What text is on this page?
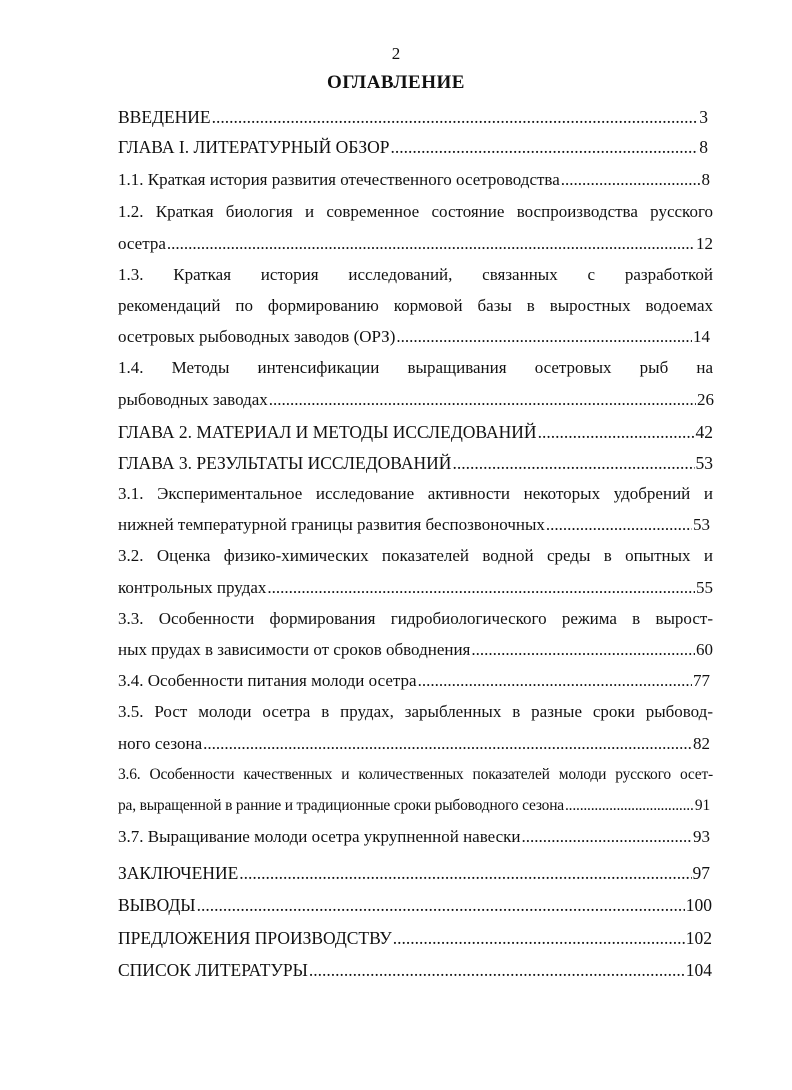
2
ОГЛАВЛЕНИЕ
ВВЕДЕНИЕ .....	3
ГЛАВА I. ЛИТЕРАТУРНЫЙ ОБЗОР .....	8
1.1. Краткая история развития отечественного осетроводства .....	8
1.2. Краткая биология и современное состояние воспроизводства русского
осетра .....	12
1.3. Краткая история исследований, связанных с разработкой
рекомендаций по формированию кормовой базы в выростных водоемах
осетровых рыбоводных заводов (ОРЗ) .....	14
1.4. Методы интенсификации выращивания осетровых рыб на
рыбоводных заводах .....	26
ГЛАВА 2. МАТЕРИАЛ И МЕТОДЫ ИССЛЕДОВАНИЙ .....	42
ГЛАВА 3. РЕЗУЛЬТАТЫ ИССЛЕДОВАНИЙ .....	53
3.1. Экспериментальное исследование активности некоторых удобрений и
нижней температурной границы развития беспозвоночных .....	53
3.2. Оценка физико-химических показателей водной среды в опытных и
контрольных прудах .....	55
3.3. Особенности формирования гидробиологического режима в вырост-
ных прудах в зависимости от сроков обводнения .....	60
3.4. Особенности питания молоди осетра .....	77
3.5. Рост молоди осетра в прудах, зарыбленных в разные сроки рыбовод-
ного сезона .....	82
3.6. Особенности качественных и количественных показателей молоди русского осет-
ра, выращенной в ранние и традиционные сроки рыбоводного сезона .....	91
3.7. Выращивание молоди осетра укрупненной навески .....	93
ЗАКЛЮЧЕНИЕ .....	97
ВЫВОДЫ .....	100
ПРЕДЛОЖЕНИЯ ПРОИЗВОДСТВУ .....	102
СПИСОК ЛИТЕРАТУРЫ .....	104
